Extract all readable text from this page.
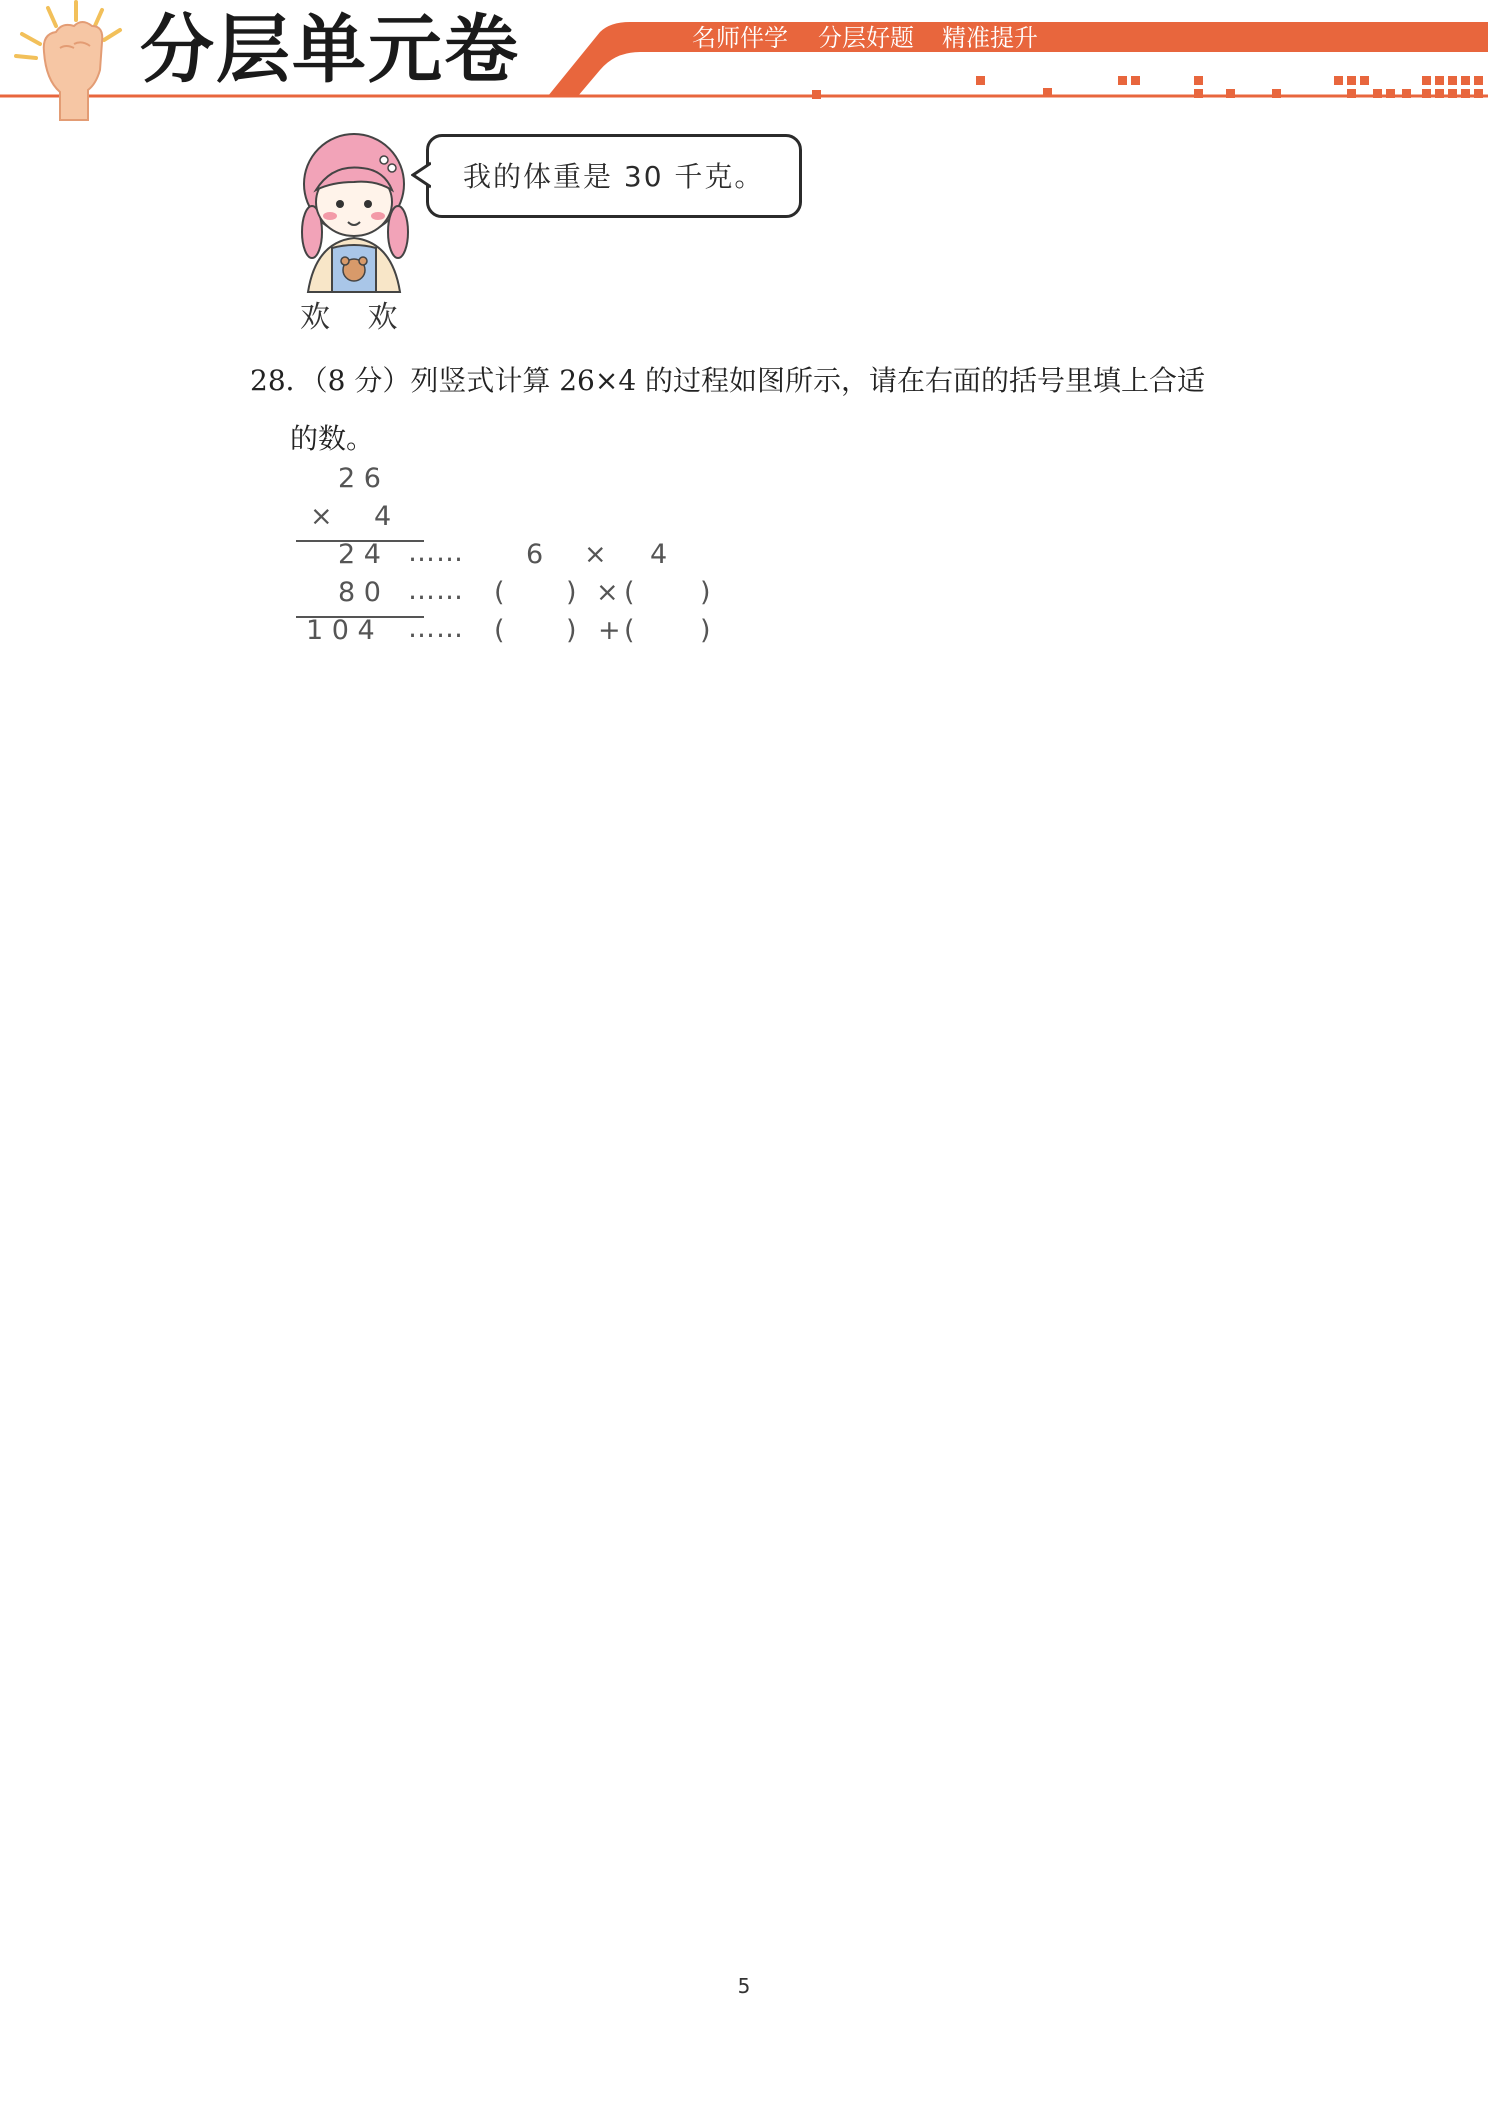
分层单元卷	名师伴学 分层好题 精准提升
我的体重是 30 千克。
欢 欢
28．（8 分）列竖式计算 26×4 的过程如图所示，请在右面的括号里填上合适
的数。
2 6
× 4
2 4 …… 6 × 4
8 0 …… ( ) × ( )
1 0 4 …… ( ) + ( )
5
